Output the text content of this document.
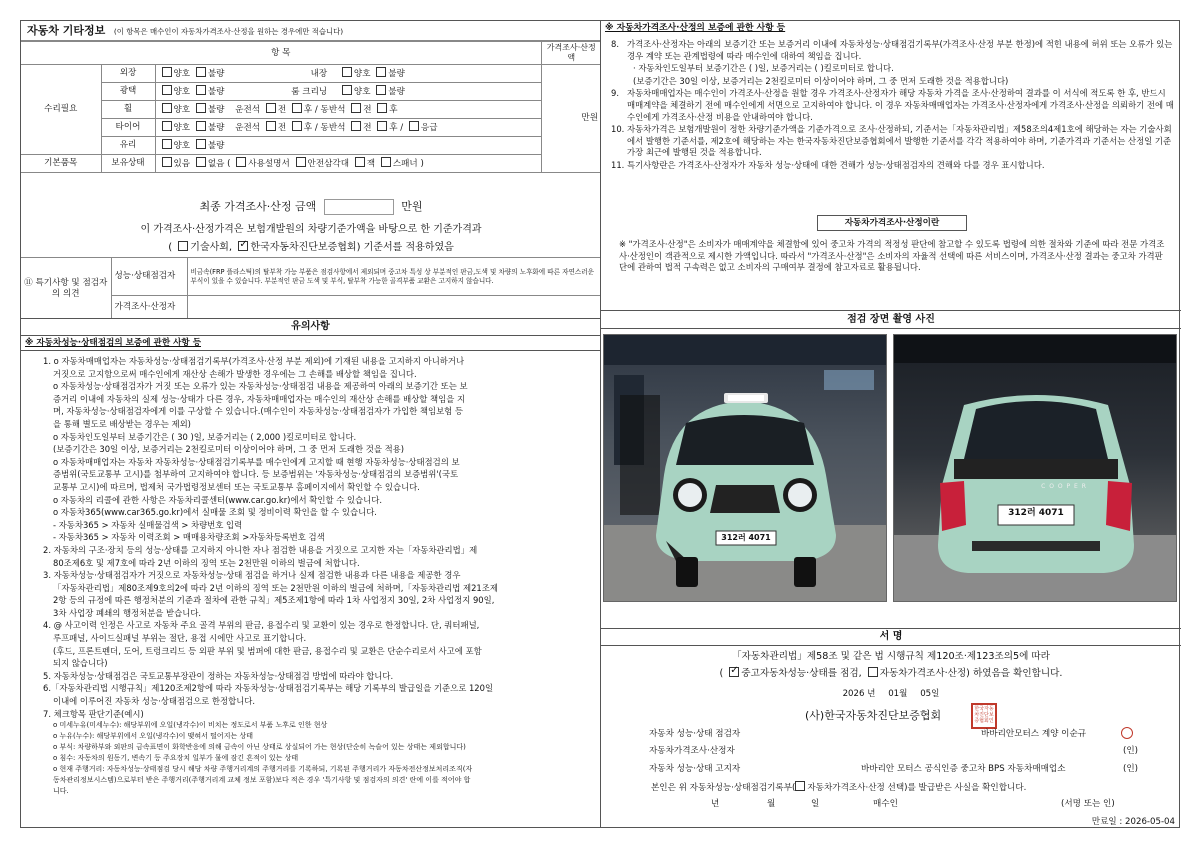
자동차 기타정보 (이 항목은 매수인이 자동차가격조사·산정을 원하는 경우에만 적습니다)
항 목			가격조사·산정액
수리필요	외장	양호 불량 내장 양호 불량	만원
	광택	양호 불량 룸 크리닝 양호 불량	
	휠	양호 불량 운전석 전 후 / 동반석 전 후	
	타이어	양호 불량 운전석 전 후 / 동반석 전 후 / 응급	
	유리	양호 불량	

기본품목	보유상태	있음 없음 ( 사용설명서 안전삼각대 잭 스패너 )	
최종 가격조사·산정 금액	만원
이 가격조사·산정가격은 보험개발원의 차량기준가액을 바탕으로 한 기준가격과
( 기술사회, ✓ 한국자동차진단보증협회) 기준서를 적용하였음
⑪ 특기사항 및 점검자의 의견	성능·상태점검자	비금속(FRP 플라스틱)의 탈부착 가능 부품은 점검사항에서 제외되며 중고차 특성 상 부분적인 판금,도색 및 차량의 노후화에 따른 자연스러운 부식이 있을 수 있습니다. 부분적인 판금 도색 및 부식, 탈부착 가능한 골격부품 교환은 고지하지 않습니다.
	가격조사·산정자	
유의사항
※ 자동차성능·상태점검의 보증에 관한 사항 등
1. o 자동차매매업자는 자동차성능·상태점검기록부(가격조사·산정 부분 제외)에 기재된 내용을 고지하지 아니하거나
거짓으로 고지함으로써 매수인에게 재산상 손해가 발생한 경우에는 그 손해를 배상할 책임을 집니다.
o 자동차성능·상태점검자가 거짓 또는 오류가 있는 자동차성능·상태점검 내용을 제공하여 아래의 보증기간 또는 보
증거리 이내에 자동차의 실제 성능·상태가 다른 경우, 자동차매매업자는 매수인의 재산상 손해를 배상할 책임을 지
며, 자동차성능·상태점검자에게 이를 구상할 수 있습니다.(매수인이 자동차성능·상태점검자가 가입한 책임보험 등
을 통해 별도로 배상받는 경우는 제외)
o 자동차인도일부터 보증기간은 ( 30 )일, 보증거리는 ( 2,000 )킬로미터로 합니다.
(보증기간은 30일 이상, 보증거리는 2천킬로미터 이상이어야 하며, 그 중 먼저 도래한 것을 적용)
o 자동차매매업자는 자동차 자동차성능·상태점검기록부를 매수인에게 고지할 때 현행 자동차성능·상태점검의 보
증범위(국토교통부 고시)를 첨부하여 고지하여야 합니다. 등 보증범위는 '자동차성능·상태점검의 보증범위'(국토
교통부 고시)에 따르며, 법제처 국가법령정보센터 또는 국토교통부 홈페이지에서 확인할 수 있습니다.
o 자동차의 리콜에 관한 사항은 자동차리콜센터(www.car.go.kr)에서 확인할 수 있습니다.
o 자동차365(www.car365.go.kr)에서 실매물 조회 및 정비이력 확인을 할 수 있습니다.
- 자동차365 > 자동차 실매물검색 > 차량번호 입력
- 자동차365 > 자동차 이력조회 > 매매용차량조회 >자동차등록번호 검색
2. 자동차의 구조·장치 등의 성능·상태를 고지하지 아니한 자나 점검한 내용을 거짓으로 고지한 자는「자동차관리법」제
80조제6호 및 제7호에 따라 2년 이하의 징역 또는 2천만원 이하의 벌금에 처합니다.
3. 자동차성능·상태점검자가 거짓으로 자동차성능·상태 점검을 하거나 실제 점검한 내용과 다른 내용을 제공한 경우
「자동차관리법」제80조제9호의2에 따라 2년 이하의 징역 또는 2천만원 이하의 벌금에 처하며,「자동차관리법 제21조제
2항 등의 규정에 따른 행정처분의 기준과 절차에 관한 규칙」제5조제1항에 따라 1차 사업정지 30일, 2차 사업정지 90일,
3차 사업장 폐쇄의 행정처분을 받습니다.
4. @ 사고이력 인정은 사고로 자동차 주요 골격 부위의 판금, 용접수리 및 교환이 있는 경우로 한정합니다. 단, 쿼터패널,
루프패널, 사이드실패널 부위는 절단, 용접 시에만 사고로 표기합니다.
(후드, 프론트펜더, 도어, 트렁크리드 등 외판 부위 및 범퍼에 대한 판금, 용접수리 및 교환은 단순수리로서 사고에 포함
되지 않습니다)
5. 자동차성능·상태점검은 국토교통부장관이 정하는 자동차성능·상태점검 방법에 따라야 합니다.
6.「자동차관리법 시행규칙」제120조제2항에 따라 자동차성능·상태점검기록부는 해당 기록부의 발급일을 기준으로 120일
이내에 이루어진 자동차 성능·상태점검으로 한정합니다.
7. 체크항목 판단기준(예시)
o 미세누유(미세누수): 해당부위에 오일(냉각수)이 비치는 정도로서 부품 노후로 인한 현상
o 누유(누수): 해당부위에서 오일(냉각수)이 맺혀서 떨어지는 상태
o 부식: 차량하부와 외판의 금속표면이 화학반응에 의해 금속이 아닌 상태로 상실되어 가는 현상(단순히 녹슬어 있는 상태는 제외합니다)
o 침수: 자동차의 원동기, 변속기 등 주요장치 일부가 물에 잠긴 흔적이 있는 상태
o 현재 주행거리: 자동차성능·상태점검 당시 해당 차량 주행거리계의 주행거리를 기록하되, 기록된 주행거리가 자동차전산정보처리조직(자
동차관리정보시스템)으로부터 받은 주행거리(주행거리계 교체 정보 포함)보다 적은 경우 '특기사항 및 점검자의 의견' 란에 이를 적어야 합
니다.
※ 자동차가격조사·산정의 보증에 관한 사항 등
8. 가격조사·산정자는 아래의 보증기간 또는 보증거리 이내에 자동차성능·상태점검기록부(가격조사·산정 부분 한정)에 적힌 내용에 허위 또는 오류가 있는 경우 계약 또는 관계법령에 따라 매수인에 대하여 책임을 집니다.
· 자동차인도일부터 보증기간은 ( )일, 보증거리는 ( )킬로미터로 합니다.
(보증기간은 30일 이상, 보증거리는 2천킬로미터 이상이어야 하며, 그 중 먼저 도래한 것을 적용합니다)
9. 자동차매매업자는 매수인이 가격조사·산정을 원할 경우 가격조사·산정자가 해당 자동차 가격을 조사·산정하여 결과를 이 서식에 적도록 한 후, 반드시 매매계약을 체결하기 전에 매수인에게 서면으로 고지하여야 합니다. 이 경우 자동차매매업자는 가격조사·산정자에게 가격조사·산정을 의뢰하기 전에 매수인에게 가격조사·산정 비용을 안내하여야 합니다.
10. 자동차가격은 보험개발원이 정한 차량기준가액을 기준가격으로 조사·산정하되, 기준서는「자동차관리법」제58조의4제1호에 해당하는 자는 기술사회에서 발행한 기준서를, 제2호에 해당하는 자는 한국자동차진단보증협회에서 발행한 기준서를 각각 적용하여야 하며, 기준가격과 기준서는 산정일 기준 가장 최근에 발행된 것을 적용합니다.
11. 특기사항란은 가격조사·산정자가 자동차 성능·상태에 대한 견해가 성능·상태점검자의 견해와 다를 경우 표시합니다.
자동차가격조사·산정이란
※ "가격조사·산정"은 소비자가 매매계약을 체결함에 있어 중고차 가격의 적정성 판단에 참고할 수 있도록 법령에 의한 절차와 기준에 따라 전문 가격조사·산정인이 객관적으로 제시한 가액입니다. 따라서 "가격조사·산정"은 소비자의 자율적 선택에 따른 서비스이며, 가격조사·산정 결과는 중고차 가격판단에 관하여 법적 구속력은 없고 소비자의 구매여부 결정에 참고자료로 활용됩니다.
점검 장면 촬영 사진
312러 4071
C O O P E R
312러 4071
서 명
「자동차관리법」제58조 및 같은 법 시행규칙 제120조·제123조의5에 따라
( ✓중고자동차성능·상태를 점검, 자동차가격조사·산정) 하였음을 확인합니다.
2026 년 01월 05일
(사)한국자동차진단보증협회	한국자동차진단보증협회인
자동차 성능·상태 점검자	바바리안모터스 계양 이순규
자동차가격조사·산정자	(인)
자동차 성능·상태 고지자	바바리안 모터스 공식인증 중고차 BPS 자동차매매업소	(인)
본인은 위 자동차성능·상태점검기록부( 자동차가격조사·산정 선택)를 발급받은 사실을 확인합니다.
년	월	일	매수인	(서명 또는 인)
만료일 : 2026-05-04
